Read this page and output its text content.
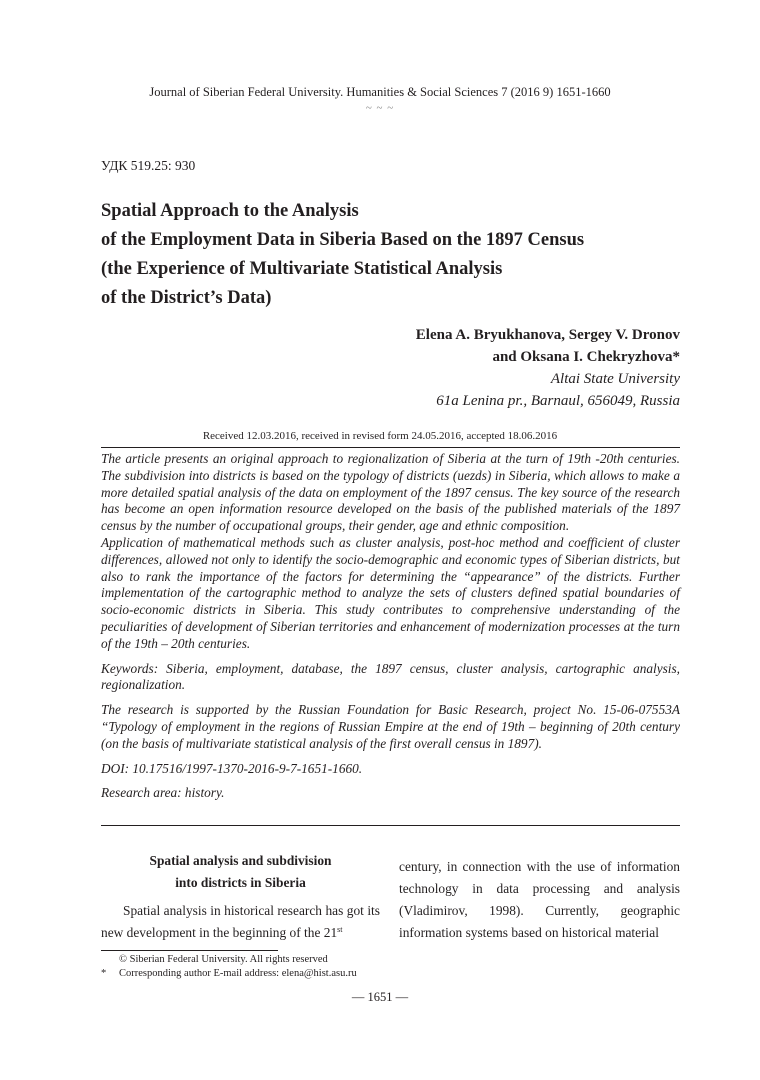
Journal of Siberian Federal University. Humanities & Social Sciences 7 (2016 9) 1651-1660
~ ~ ~
УДК 519.25: 930
Spatial Approach to the Analysis
of the Employment Data in Siberia Based on the 1897 Census
(the Experience of Multivariate Statistical Analysis
of the District’s Data)
Elena A. Bryukhanova, Sergey V. Dronov
and Oksana I. Chekryzhova*
Altai State University
61a Lenina pr., Barnaul, 656049, Russia
Received 12.03.2016, received in revised form 24.05.2016, accepted 18.06.2016

The article presents an original approach to regionalization of Siberia at the turn of 19th -20th centuries. The subdivision into districts is based on the typology of districts (uezds) in Siberia, which allows to make a more detailed spatial analysis of the data on employment of the 1897 census. The key source of the research has become an open information resource developed on the basis of the published materials of the 1897 census by the number of occupational groups, their gender, age and ethnic composition.

Application of mathematical methods such as cluster analysis, post-hoc method and coefficient of cluster differences, allowed not only to identify the socio-demographic and economic types of Siberian districts, but also to rank the importance of the factors for determining the “appearance” of the districts. Further implementation of the cartographic method to analyze the sets of clusters defined spatial boundaries of socio-economic districts in Siberia. This study contributes to comprehensive understanding of the peculiarities of development of Siberian territories and enhancement of modernization processes at the turn of the 19th – 20th centuries.

Keywords: Siberia, employment, database, the 1897 census, cluster analysis, cartographic analysis, regionalization.

The research is supported by the Russian Foundation for Basic Research, project No. 15-06-07553A “Typology of employment in the regions of Russian Empire at the end of 19th – beginning of 20th century (on the basis of multivariate statistical analysis of the first overall census in 1897).

DOI: 10.17516/1997-1370-2016-9-7-1651-1660.

Research area: history.

Spatial analysis and subdivision
into districts in Siberia

Spatial analysis in historical research has got its new development in the beginning of the 21st

century, in connection with the use of information technology in data processing and analysis (Vladimirov, 1998). Currently, geographic information systems based on historical material

© Siberian Federal University. All rights reserved
* Corresponding author E-mail address: elena@hist.asu.ru
— 1651 —
